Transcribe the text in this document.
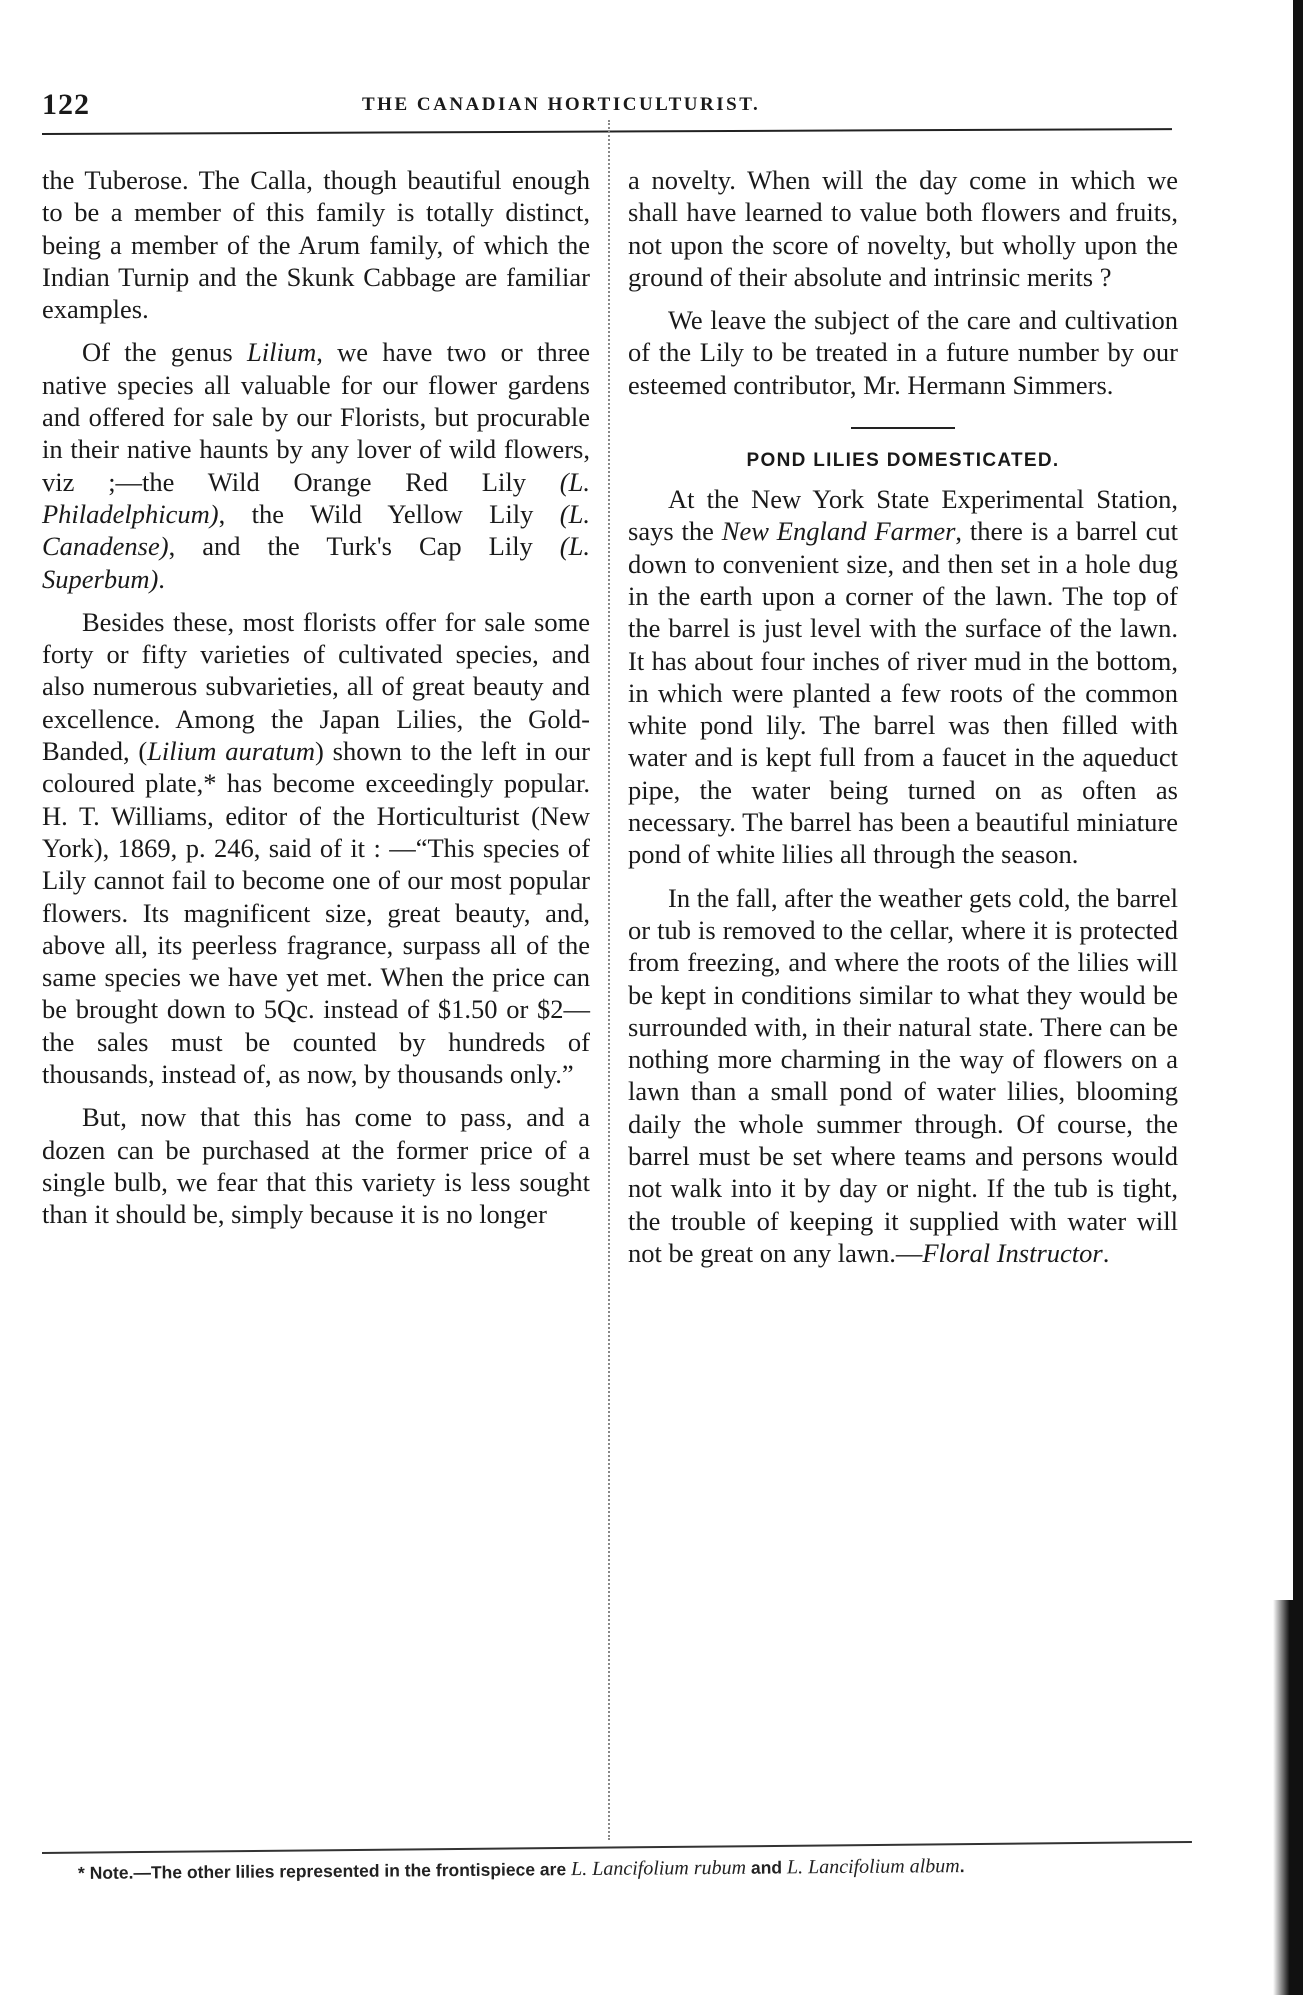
122	THE CANADIAN HORTICULTURIST.

the Tuberose. The Calla, though beautiful enough to be a member of this family is totally distinct, being a member of the Arum family, of which the Indian Turnip and the Skunk Cabbage are familiar examples.

Of the genus Lilium, we have two or three native species all valuable for our flower gardens and offered for sale by our Florists, but procurable in their native haunts by any lover of wild flowers, viz ;—the Wild Orange Red Lily (L. Philadelphicum), the Wild Yellow Lily (L. Canadense), and the Turk's Cap Lily (L. Superbum).

Besides these, most florists offer for sale some forty or fifty varieties of cultivated species, and also numerous subvarieties, all of great beauty and excellence. Among the Japan Lilies, the Gold-Banded, (Lilium auratum) shown to the left in our coloured plate,* has become exceedingly popular. H. T. Williams, editor of the Horticulturist (New York), 1869, p. 246, said of it : —“This species of Lily cannot fail to become one of our most popular flowers. Its magnificent size, great beauty, and, above all, its peerless fragrance, surpass all of the same species we have yet met. When the price can be brought down to 5Qc. instead of $1.50 or $2—the sales must be counted by hundreds of thousands, instead of, as now, by thousands only.”

But, now that this has come to pass, and a dozen can be purchased at the former price of a single bulb, we fear that this variety is less sought than it should be, simply because it is no longer

a novelty. When will the day come in which we shall have learned to value both flowers and fruits, not upon the score of novelty, but wholly upon the ground of their absolute and intrinsic merits ?

We leave the subject of the care and cultivation of the Lily to be treated in a future number by our esteemed contributor, Mr. Hermann Simmers.

POND LILIES DOMESTICATED.

At the New York State Experimental Station, says the New England Farmer, there is a barrel cut down to convenient size, and then set in a hole dug in the earth upon a corner of the lawn. The top of the barrel is just level with the surface of the lawn. It has about four inches of river mud in the bottom, in which were planted a few roots of the common white pond lily. The barrel was then filled with water and is kept full from a faucet in the aqueduct pipe, the water being turned on as often as necessary. The barrel has been a beautiful miniature pond of white lilies all through the season.

In the fall, after the weather gets cold, the barrel or tub is removed to the cellar, where it is protected from freezing, and where the roots of the lilies will be kept in conditions similar to what they would be surrounded with, in their natural state. There can be nothing more charming in the way of flowers on a lawn than a small pond of water lilies, blooming daily the whole summer through. Of course, the barrel must be set where teams and persons would not walk into it by day or night. If the tub is tight, the trouble of keeping it supplied with water will not be great on any lawn.—Floral Instructor.

* Note.—The other lilies represented in the frontispiece are L. Lancifolium rubum and L. Lancifolium album.
